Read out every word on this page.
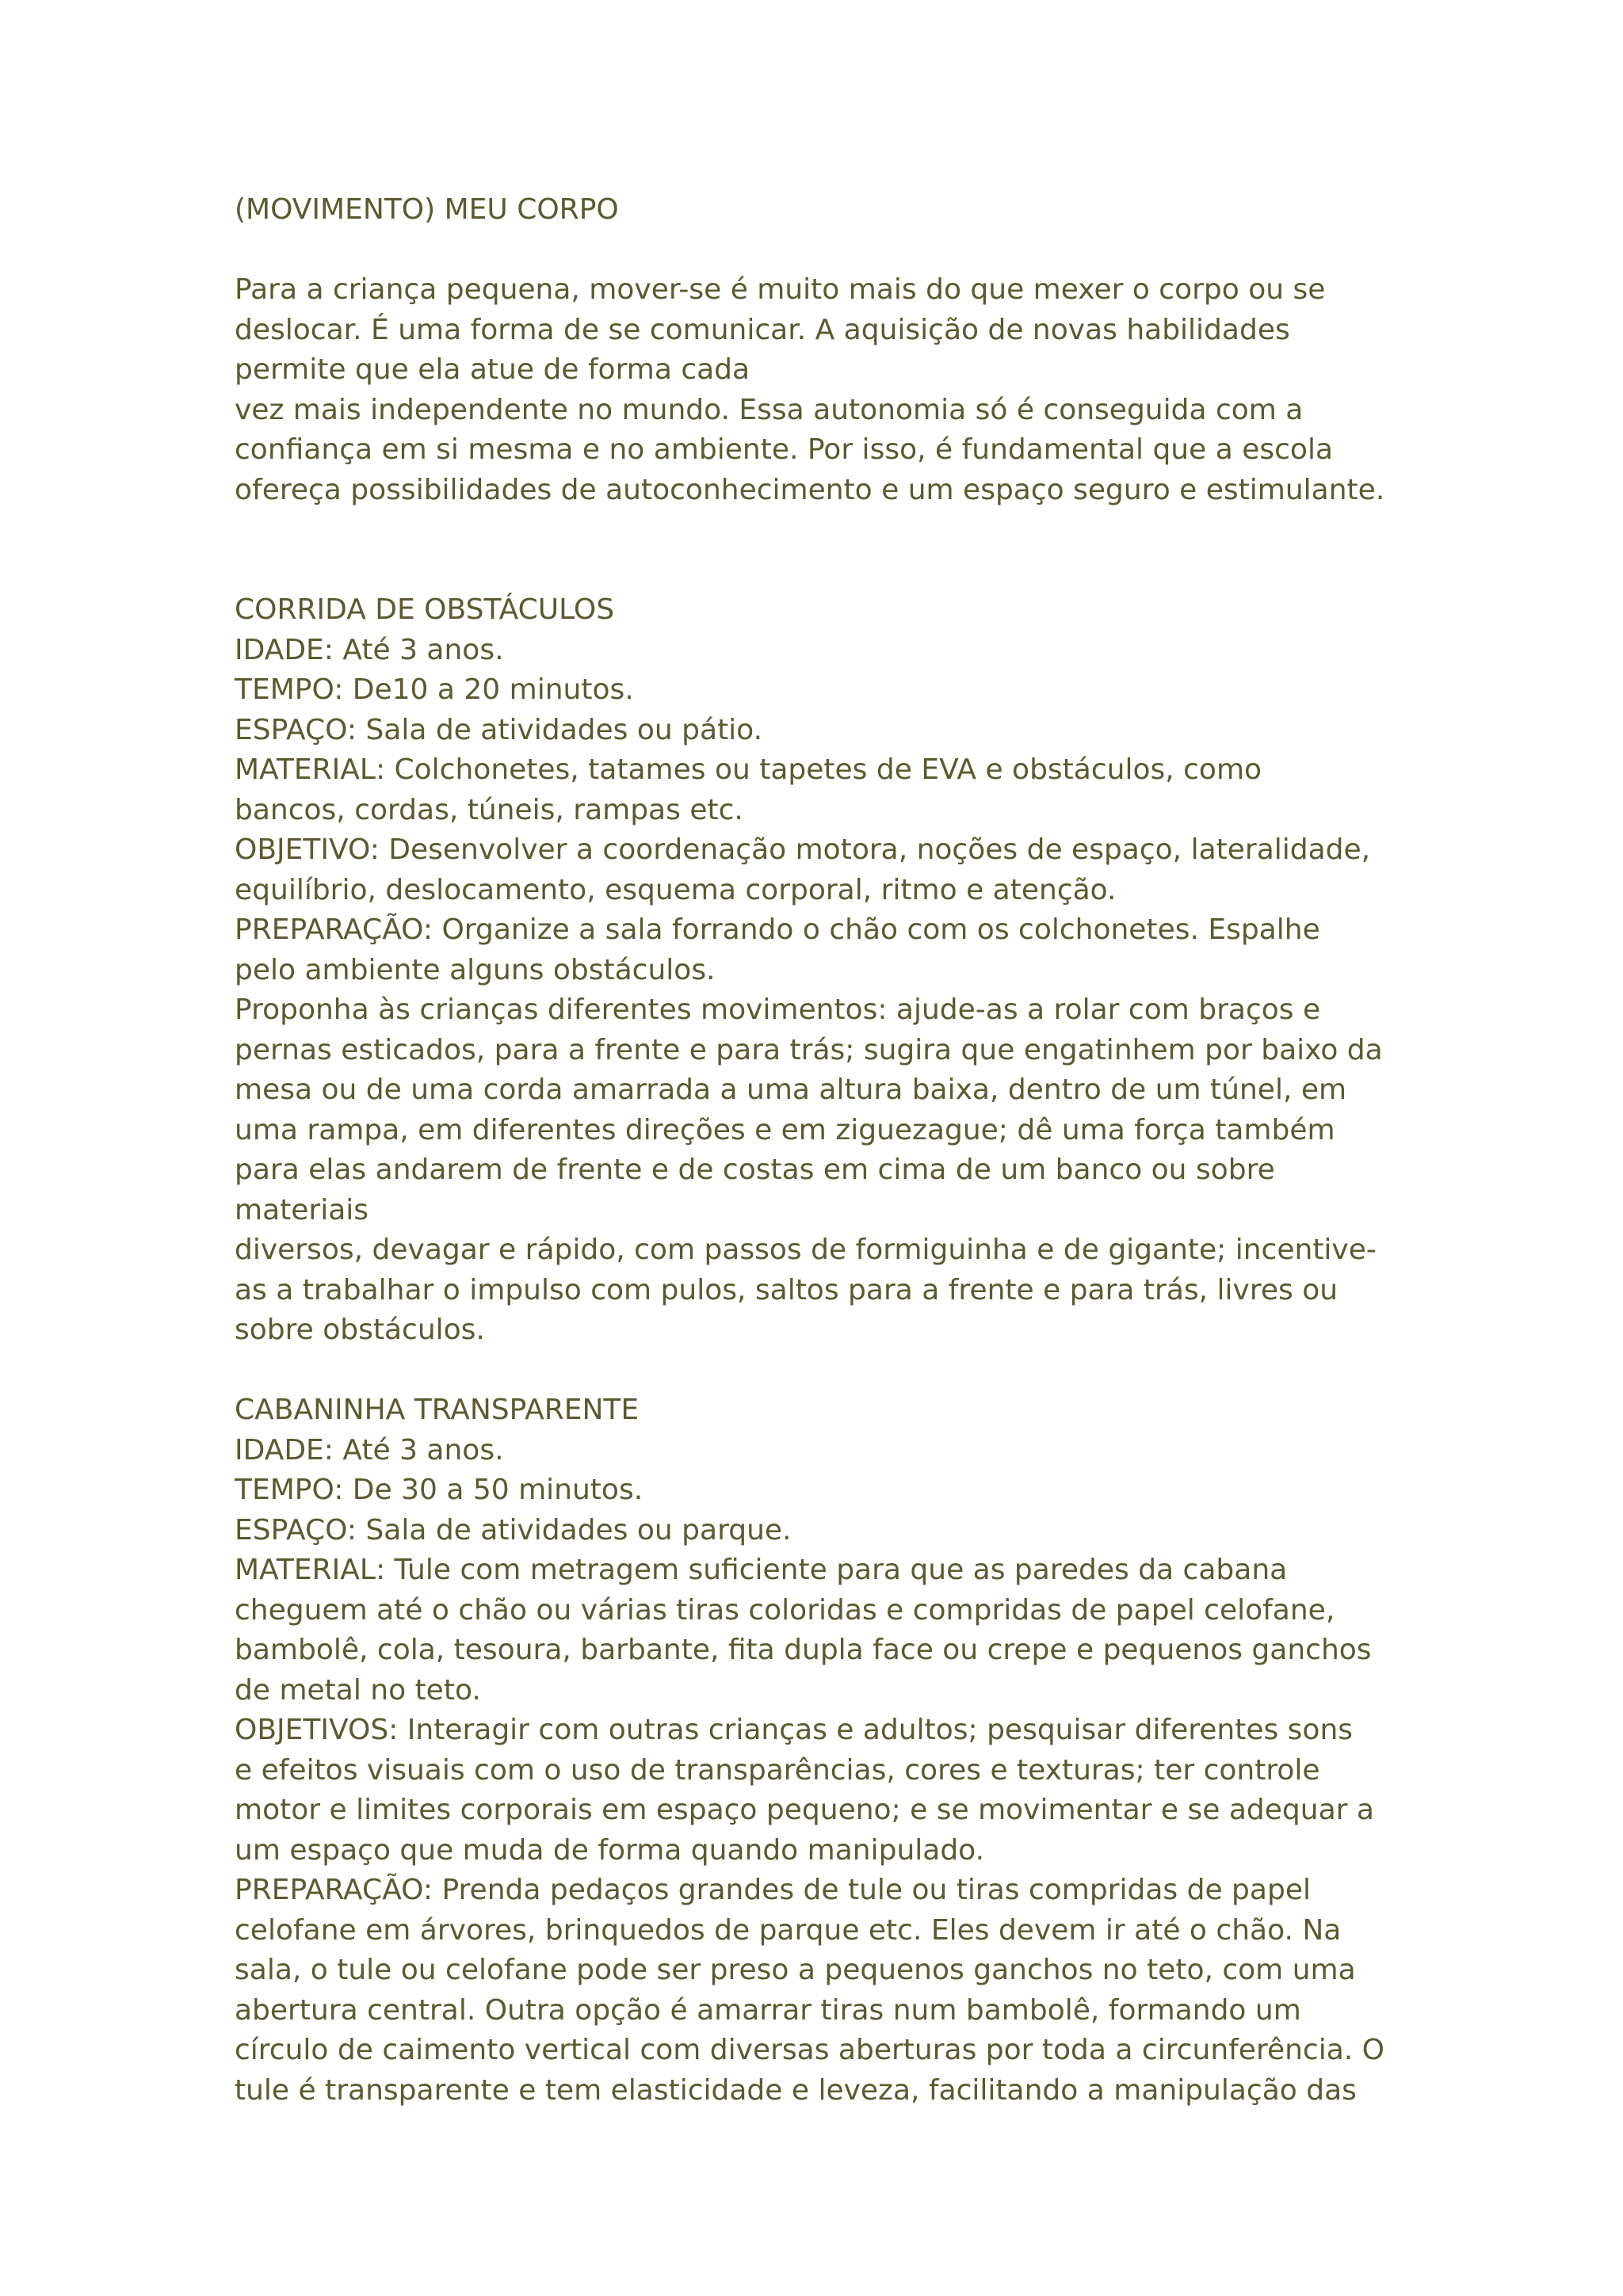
(MOVIMENTO) MEU CORPO
Para a criança pequena, mover-se é muito mais do que mexer o corpo ou se
deslocar. É uma forma de se comunicar. A aquisição de novas habilidades
permite que ela atue de forma cada
vez mais independente no mundo. Essa autonomia só é conseguida com a
confiança em si mesma e no ambiente. Por isso, é fundamental que a escola
ofereça possibilidades de autoconhecimento e um espaço seguro e estimulante.
CORRIDA DE OBSTÁCULOS
IDADE: Até 3 anos.
TEMPO: De10 a 20 minutos.
ESPAÇO: Sala de atividades ou pátio.
MATERIAL: Colchonetes, tatames ou tapetes de EVA e obstáculos, como
bancos, cordas, túneis, rampas etc.
OBJETIVO: Desenvolver a coordenação motora, noções de espaço, lateralidade,
equilíbrio, deslocamento, esquema corporal, ritmo e atenção.
PREPARAÇÃO: Organize a sala forrando o chão com os colchonetes. Espalhe
pelo ambiente alguns obstáculos.
Proponha às crianças diferentes movimentos: ajude-as a rolar com braços e
pernas esticados, para a frente e para trás; sugira que engatinhem por baixo da
mesa ou de uma corda amarrada a uma altura baixa, dentro de um túnel, em
uma rampa, em diferentes direções e em ziguezague; dê uma força também
para elas andarem de frente e de costas em cima de um banco ou sobre
materiais
diversos, devagar e rápido, com passos de formiguinha e de gigante; incentive-
as a trabalhar o impulso com pulos, saltos para a frente e para trás, livres ou
sobre obstáculos.
CABANINHA TRANSPARENTE
IDADE: Até 3 anos.
TEMPO: De 30 a 50 minutos.
ESPAÇO: Sala de atividades ou parque.
MATERIAL: Tule com metragem suficiente para que as paredes da cabana
cheguem até o chão ou várias tiras coloridas e compridas de papel celofane,
bambolê, cola, tesoura, barbante, fita dupla face ou crepe e pequenos ganchos
de metal no teto.
OBJETIVOS: Interagir com outras crianças e adultos; pesquisar diferentes sons
e efeitos visuais com o uso de transparências, cores e texturas; ter controle
motor e limites corporais em espaço pequeno; e se movimentar e se adequar a
um espaço que muda de forma quando manipulado.
PREPARAÇÃO: Prenda pedaços grandes de tule ou tiras compridas de papel
celofane em árvores, brinquedos de parque etc. Eles devem ir até o chão. Na
sala, o tule ou celofane pode ser preso a pequenos ganchos no teto, com uma
abertura central. Outra opção é amarrar tiras num bambolê, formando um
círculo de caimento vertical com diversas aberturas por toda a circunferência. O
tule é transparente e tem elasticidade e leveza, facilitando a manipulação das
